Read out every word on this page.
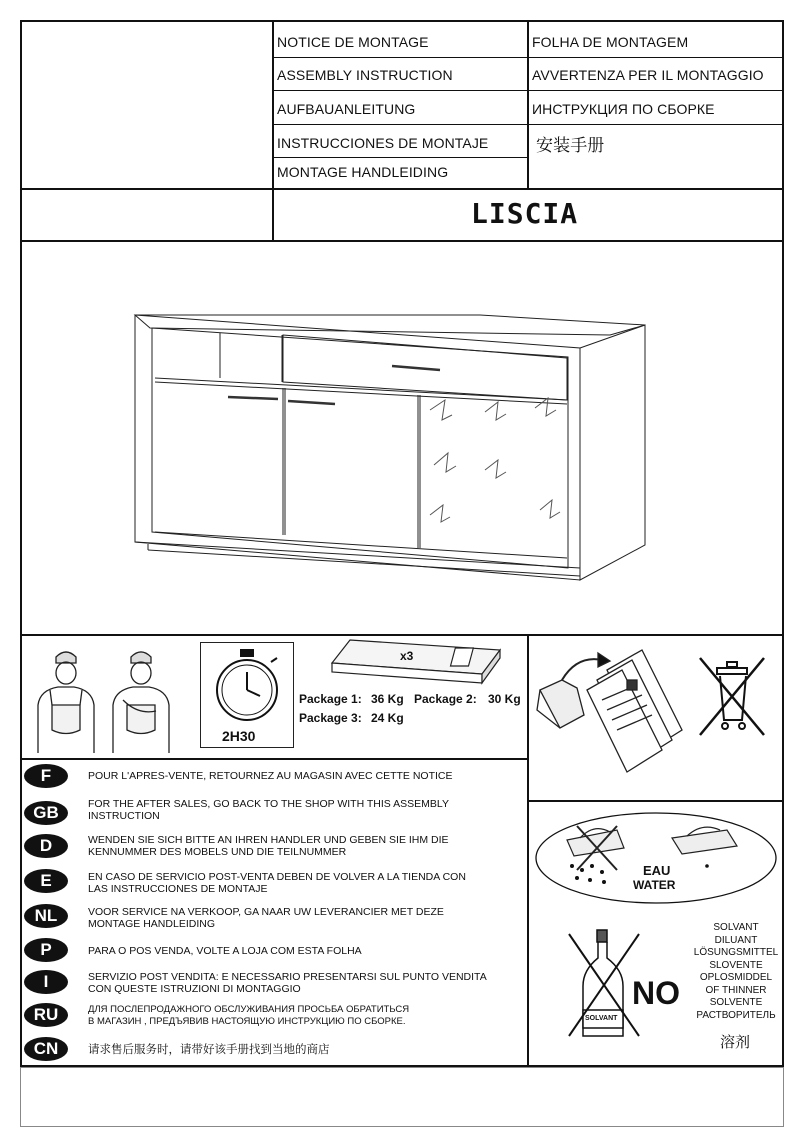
NOTICE DE MONTAGE
ASSEMBLY INSTRUCTION
AUFBAUANLEITUNG
INSTRUCCIONES DE MONTAJE
MONTAGE HANDLEIDING
FOLHA DE MONTAGEM
AVVERTENZA PER IL MONTAGGIO
ИНСТРУКЦИЯ ПО СБОРКЕ
安装手册
LISCIA
2H30
x3
Package 1: 36 Kg Package 2: 30 Kg
Package 3: 24 Kg
F	POUR L'APRES-VENTE, RETOURNEZ AU MAGASIN AVEC CETTE NOTICE
GB	FOR THE AFTER SALES, GO BACK TO THE SHOP WITH THIS ASSEMBLY INSTRUCTION
D	WENDEN SIE SICH BITTE AN IHREN HANDLER UND GEBEN SIE IHM DIE KENNUMMER DES MOBELS UND DIE TEILNUMMER
E	EN CASO DE SERVICIO POST-VENTA DEBEN DE VOLVER A LA TIENDA CON LAS INSTRUCCIONES DE MONTAJE
NL	VOOR SERVICE NA VERKOOP, GA NAAR UW LEVERANCIER MET DEZE MONTAGE HANDLEIDING
P	PARA O POS VENDA, VOLTE A LOJA COM ESTA FOLHA
I	SERVIZIO POST VENDITA: E NECESSARIO PRESENTARSI SUL PUNTO VENDITA CON QUESTE ISTRUZIONI DI MONTAGGIO
RU	ДЛЯ ПОСЛЕПРОДАЖНОГО ОБСЛУЖИВАНИЯ ПРОСЬБА ОБРАТИТЬСЯ В МАГАЗИН , ПРЕДЪЯВИВ НАСТОЯЩУЮ ИНСТРУКЦИЮ ПО СБОРКЕ.
CN	请求售后服务时，请带好该手册找到当地的商店
EAU
WATER
SOLVANT
NO
SOLVANT
DILUANT
LÖSUNGSMITTEL
SLOVENTE
OPLOSMIDDEL
OF THINNER
SOLVENTE
РАСТВОРИТЕЛЬ
溶剂
